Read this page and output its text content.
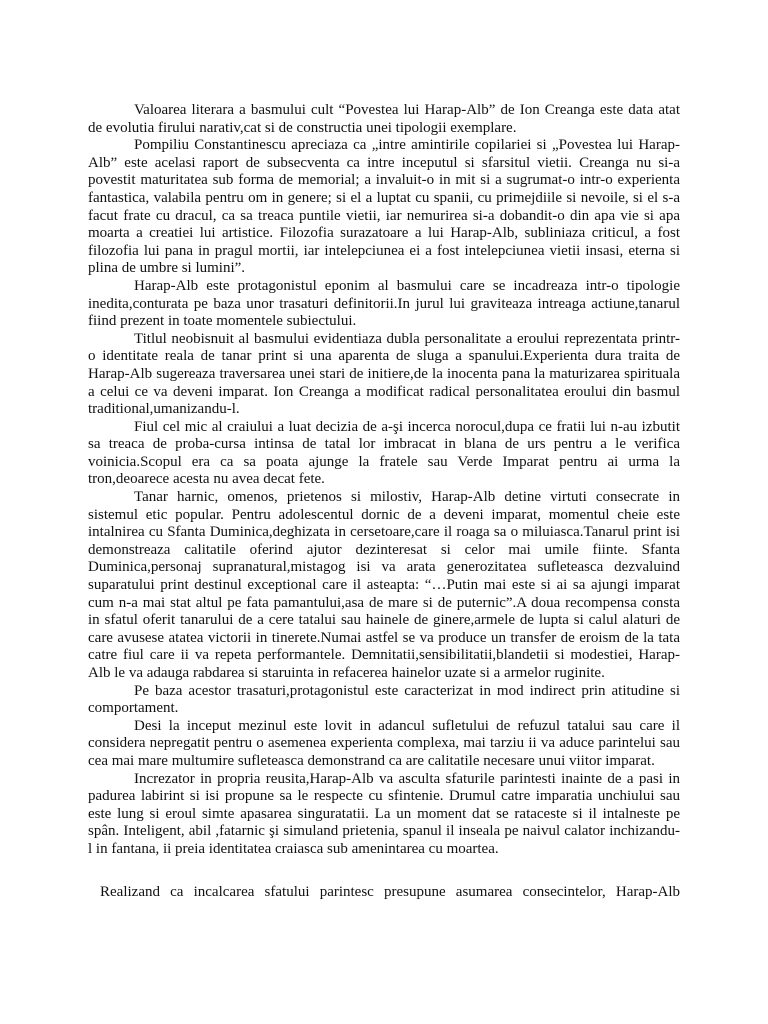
Valoarea literara a basmului cult “Povestea lui Harap-Alb” de Ion Creanga este data atat
de evolutia firului narativ,cat si de constructia unei tipologii exemplare.
Pompiliu Constantinescu apreciaza ca „intre amintirile copilariei si „Povestea lui Harap-
Alb” este acelasi raport de subsecventa ca intre inceputul si sfarsitul vietii. Creanga nu si-a
povestit maturitatea sub forma de memorial; a invaluit-o in mit si a sugrumat-o intr-o experienta
fantastica, valabila pentru om in genere; si el a luptat cu spanii, cu primejdiile si nevoile, si el s-a
facut frate cu dracul, ca sa treaca puntile vietii, iar nemurirea si-a dobandit-o din apa vie si apa
moarta a creatiei lui artistice. Filozofia surazatoare a lui Harap-Alb, subliniaza criticul, a fost
filozofia lui pana in pragul mortii, iar intelepciunea ei a fost intelepciunea vietii insasi, eterna si
plina de umbre si lumini”.
Harap-Alb este protagonistul eponim al basmului care se incadreaza intr-o tipologie
inedita,conturata pe baza unor trasaturi definitorii.In jurul lui graviteaza intreaga actiune,tanarul
fiind prezent in toate momentele subiectului.
Titlul neobisnuit al basmului evidentiaza dubla personalitate a eroului reprezentata printr-
o identitate reala de tanar print si una aparenta de sluga a spanului.Experienta dura traita de
Harap-Alb sugereaza traversarea unei stari de initiere,de la inocenta pana la maturizarea spirituala
a celui ce va deveni imparat. Ion Creanga a modificat radical personalitatea eroului din basmul
traditional,umanizandu-l.
Fiul cel mic al craiului a luat decizia de a-şi incerca norocul,dupa ce fratii lui n-au izbutit
sa treaca de proba-cursa intinsa de tatal lor imbracat in blana de urs pentru a le verifica
voinicia.Scopul era ca sa poata ajunge la fratele sau Verde Imparat pentru ai urma la
tron,deoarece acesta nu avea decat fete.
Tanar harnic, omenos, prietenos si milostiv, Harap-Alb detine virtuti consecrate in
sistemul etic popular. Pentru adolescentul dornic de a deveni imparat, momentul cheie este
intalnirea cu Sfanta Duminica,deghizata in cersetoare,care il roaga sa o miluiasca.Tanarul print isi
demonstreaza calitatile oferind ajutor dezinteresat si celor mai umile fiinte. Sfanta
Duminica,personaj supranatural,mistagog isi va arata generozitatea sufleteasca dezvaluind
suparatului print destinul exceptional care il asteapta: “…Putin mai este si ai sa ajungi imparat
cum n-a mai stat altul pe fata pamantului,asa de mare si de puternic”.A doua recompensa consta
in sfatul oferit tanarului de a cere tatalui sau hainele de ginere,armele de lupta si calul alaturi de
care avusese atatea victorii in tinerete.Numai astfel se va produce un transfer de eroism de la tata
catre fiul care ii va repeta performantele. Demnitatii,sensibilitatii,blandetii si modestiei, Harap-
Alb le va adauga rabdarea si staruinta in refacerea hainelor uzate si a armelor ruginite.
Pe baza acestor trasaturi,protagonistul este caracterizat in mod indirect prin atitudine si
comportament.
Desi la inceput mezinul este lovit in adancul sufletului de refuzul tatalui sau care il
considera nepregatit pentru o asemenea experienta complexa, mai tarziu ii va aduce parintelui sau
cea mai mare multumire sufleteasca demonstrand ca are calitatile necesare unui viitor imparat.
Increzator in propria reusita,Harap-Alb va asculta sfaturile parintesti inainte de a pasi in
padurea labirint si isi propune sa le respecte cu sfintenie. Drumul catre imparatia unchiului sau
este lung si eroul simte apasarea singuratatii. La un moment dat se rataceste si il intalneste pe
spân. Inteligent, abil ,fatarnic şi simuland prietenia, spanul il inseala pe naivul calator inchizandu-
l in fantana, ii preia identitatea craiasca sub amenintarea cu moartea.
Realizand ca incalcarea sfatului parintesc presupune asumarea consecintelor, Harap-Alb
